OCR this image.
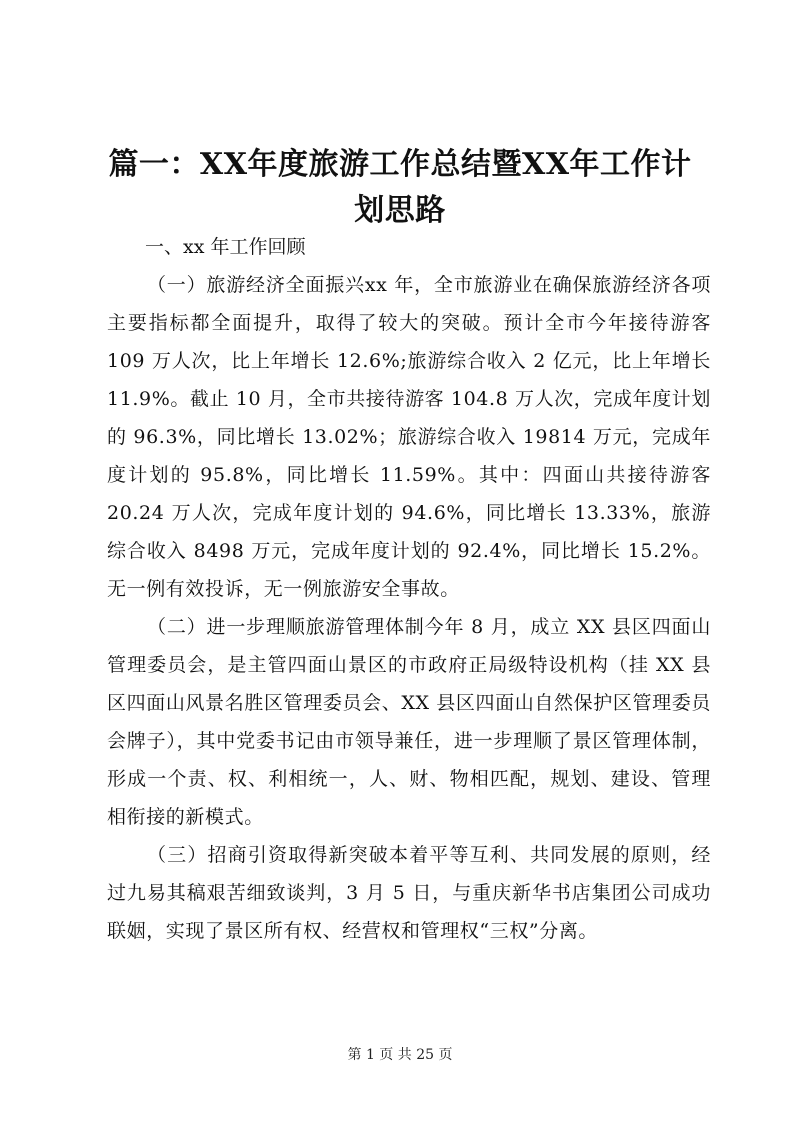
篇一：XX年度旅游工作总结暨XX年工作计划思路

一、xx 年工作回顾

（一）旅游经济全面振兴xx 年，全市旅游业在确保旅游经济各项主要指标都全面提升，取得了较大的突破。预计全市今年接待游客 109 万人次，比上年增长 12.6%;旅游综合收入 2 亿元，比上年增长 11.9%。截止 10 月，全市共接待游客 104.8 万人次，完成年度计划的 96.3%，同比增长 13.02%；旅游综合收入 19814 万元，完成年度计划的 95.8%，同比增长 11.59%。其中：四面山共接待游客 20.24 万人次，完成年度计划的 94.6%，同比增长 13.33%，旅游综合收入 8498 万元，完成年度计划的 92.4%，同比增长 15.2%。无一例有效投诉，无一例旅游安全事故。

（二）进一步理顺旅游管理体制今年 8 月，成立 XX 县区四面山管理委员会，是主管四面山景区的市政府正局级特设机构（挂 XX 县区四面山风景名胜区管理委员会、XX 县区四面山自然保护区管理委员会牌子），其中党委书记由市领导兼任，进一步理顺了景区管理体制，形成一个责、权、利相统一，人、财、物相匹配，规划、建设、管理相衔接的新模式。

（三）招商引资取得新突破本着平等互利、共同发展的原则，经过九易其稿艰苦细致谈判，3 月 5 日，与重庆新华书店集团公司成功联姻，实现了景区所有权、经营权和管理权“三权”分离。

第 1 页 共 25 页
